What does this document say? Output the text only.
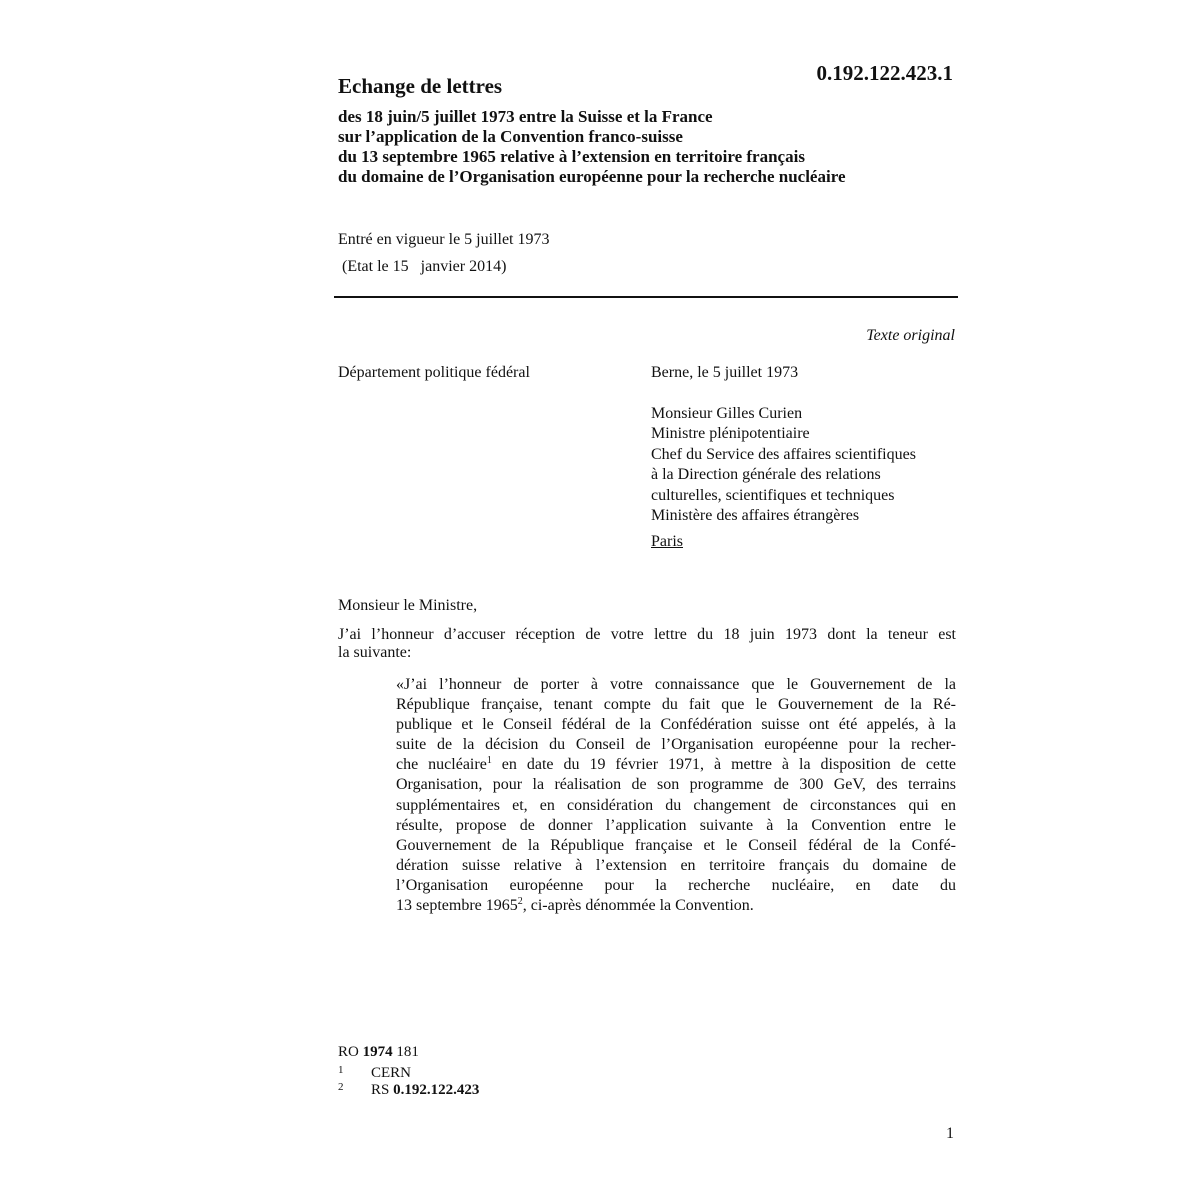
0.192.122.423.1
Echange de lettres
des 18 juin/5 juillet 1973 entre la Suisse et la France
sur l’application de la Convention franco-suisse
du 13 septembre 1965 relative à l’extension en territoire français
du domaine de l’Organisation européenne pour la recherche nucléaire
Entré en vigueur le 5 juillet 1973
(Etat le 15   janvier 2014)
Texte original
Département politique fédéral	Berne, le 5 juillet 1973
Monsieur Gilles Curien
Ministre plénipotentiaire
Chef du Service des affaires scientifiques
à la Direction générale des relations
culturelles, scientifiques et techniques
Ministère des affaires étrangères
Paris
Monsieur le Ministre,
J’ai l’honneur d’accuser réception de votre lettre du 18 juin 1973 dont la teneur est
la suivante:
«J’ai l’honneur de porter à votre connaissance que le Gouvernement de la
République française, tenant compte du fait que le Gouvernement de la Ré-
publique et le Conseil fédéral de la Confédération suisse ont été appelés, à la
suite de la décision du Conseil de l’Organisation européenne pour la recher-
che nucléaire$^1$ en date du 19 février 1971, à mettre à la disposition de cette
Organisation, pour la réalisation de son programme de 300 GeV, des terrains
supplémentaires et, en considération du changement de circonstances qui en
résulte, propose de donner l’application suivante à la Convention entre le
Gouvernement de la République française et le Conseil fédéral de la Confé-
dération suisse relative à l’extension en territoire français du domaine de
l’Organisation européenne pour la recherche nucléaire, en date du
13 septembre 1965$^2$, ci-après dénommée la Convention.
RO 1974 181
1 CERN
2 RS 0.192.122.423
1
